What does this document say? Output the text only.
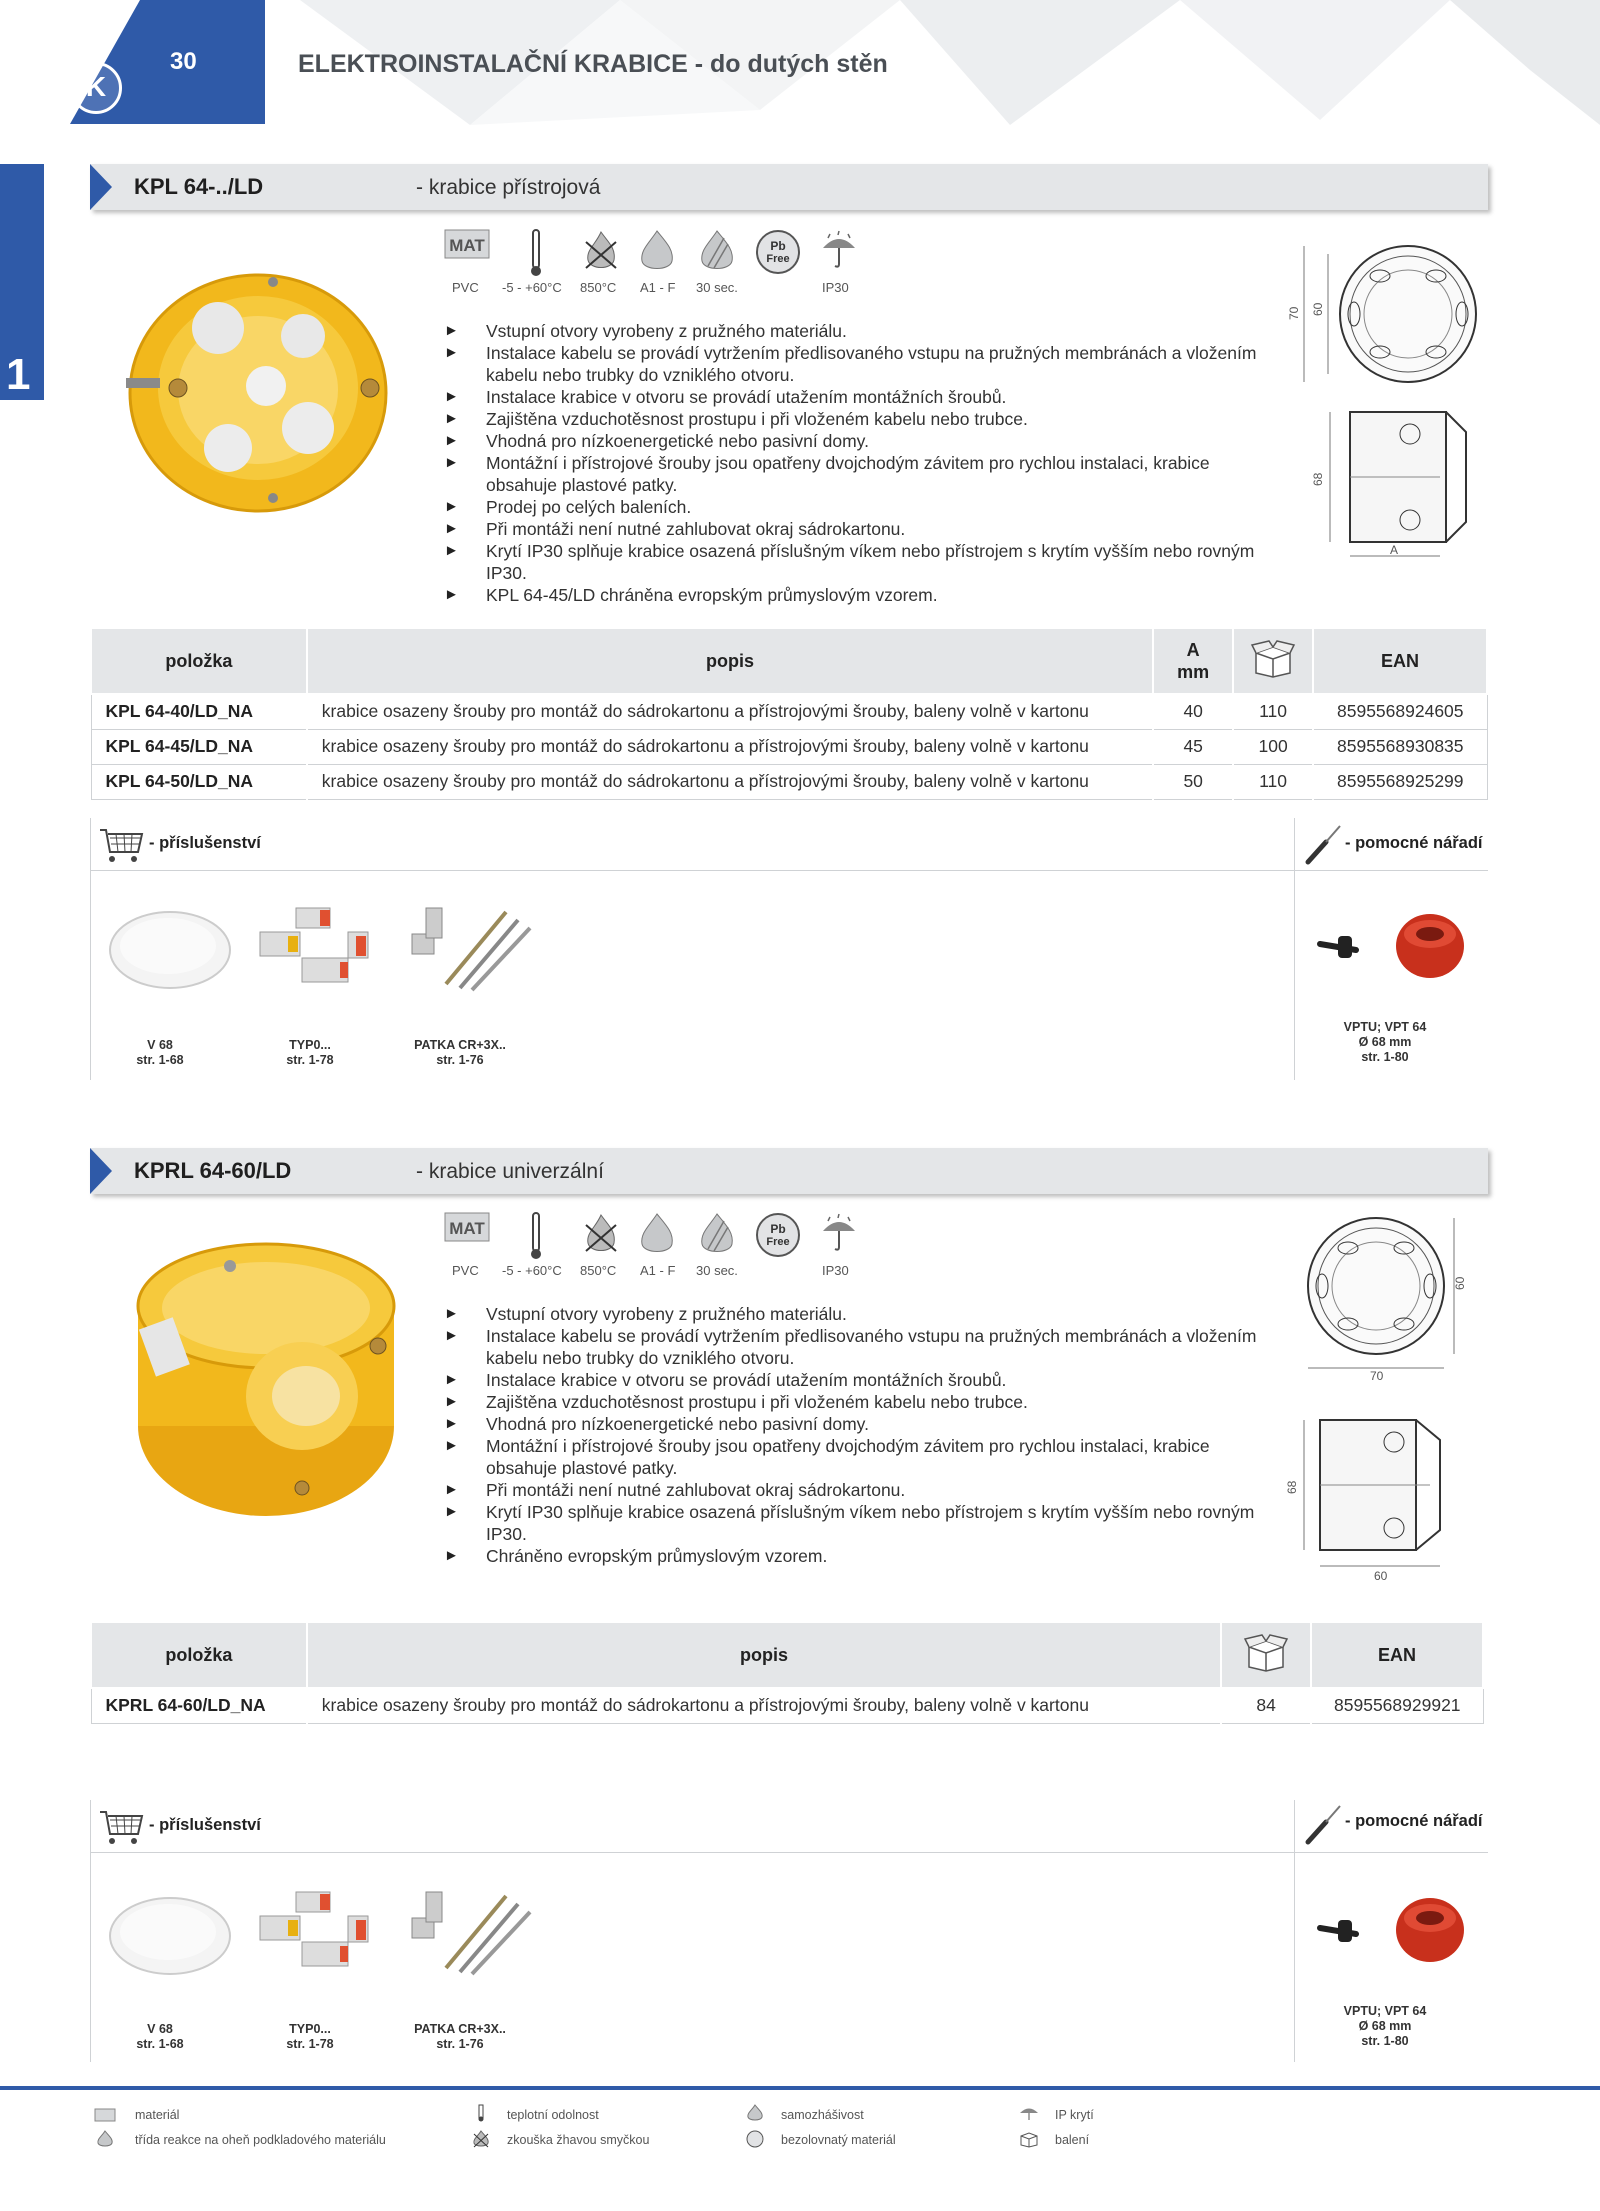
K
30	ELEKTROINSTALAČNÍ KRABICE - do dutých stěn
1
KPL 64-../LD	- krabice přístrojová
MAT	Pb
Free
PVC -5 - +60°C 850°C A1 - F 30 sec.	IP30
70 60
68
A
► Vstupní otvory vyrobeny z pružného materiálu.
► Instalace kabelu se provádí vytržením předlisovaného vstupu na pružných membránách a vložením kabelu nebo trubky do vzniklého otvoru.
► Instalace krabice v otvoru se provádí utažením montážních šroubů.
► Zajištěna vzduchotěsnost prostupu i při vloženém kabelu nebo trubce.
► Vhodná pro nízkoenergetické nebo pasivní domy.
► Montážní i přístrojové šrouby jsou opatřeny dvojchodým závitem pro rychlou instalaci, krabice obsahuje plastové patky.
► Prodej po celých baleních.
► Při montáži není nutné zahlubovat okraj sádrokartonu.
► Krytí IP30 splňuje krabice osazená příslušným víkem nebo přístrojem s krytím vyšším nebo rovným IP30.
► KPL 64-45/LD chráněna evropským průmyslovým vzorem.
položka	popis	A
mm		EAN
KPL 64-40/LD_NA	krabice osazeny šrouby pro montáž do sádrokartonu a přístrojovými šrouby, baleny volně v kartonu	40	110	8595568924605
KPL 64-45/LD_NA	krabice osazeny šrouby pro montáž do sádrokartonu a přístrojovými šrouby, baleny volně v kartonu	45	100	8595568930835
KPL 64-50/LD_NA	krabice osazeny šrouby pro montáž do sádrokartonu a přístrojovými šrouby, baleny volně v kartonu	50	110	8595568925299
- příslušenství	- pomocné nářadí
V 68
str. 1-68
TYP0...
str. 1-78
PATKA CR+3X..
str. 1-76
VPTU; VPT 64
Ø 68 mm
str. 1-80
KPRL 64-60/LD	- krabice univerzální
MAT	Pb
Free
PVC -5 - +60°C 850°C A1 - F 30 sec.	IP30
60
70
68
60
► Vstupní otvory vyrobeny z pružného materiálu.
► Instalace kabelu se provádí vytržením předlisovaného vstupu na pružných membránách a vložením kabelu nebo trubky do vzniklého otvoru.
► Instalace krabice v otvoru se provádí utažením montážních šroubů.
► Zajištěna vzduchotěsnost prostupu i při vloženém kabelu nebo trubce.
► Vhodná pro nízkoenergetické nebo pasivní domy.
► Montážní i přístrojové šrouby jsou opatřeny dvojchodým závitem pro rychlou instalaci, krabice obsahuje plastové patky.
► Při montáži není nutné zahlubovat okraj sádrokartonu.
► Krytí IP30 splňuje krabice osazená příslušným víkem nebo přístrojem s krytím vyšším nebo rovným IP30.
► Chráněno evropským průmyslovým vzorem.
položka	popis		EAN
KPRL 64-60/LD_NA	krabice osazeny šrouby pro montáž do sádrokartonu a přístrojovými šrouby, baleny volně v kartonu	84	8595568929921
- příslušenství	- pomocné nářadí
V 68
str. 1-68
TYP0...
str. 1-78
PATKA CR+3X..
str. 1-76
VPTU; VPT 64
Ø 68 mm
str. 1-80
materiál
třída reakce na oheň podkladového materiálu
teplotní odolnost
zkouška žhavou smyčkou
samozhášivost
bezolovnatý materiál
IP krytí
balení
